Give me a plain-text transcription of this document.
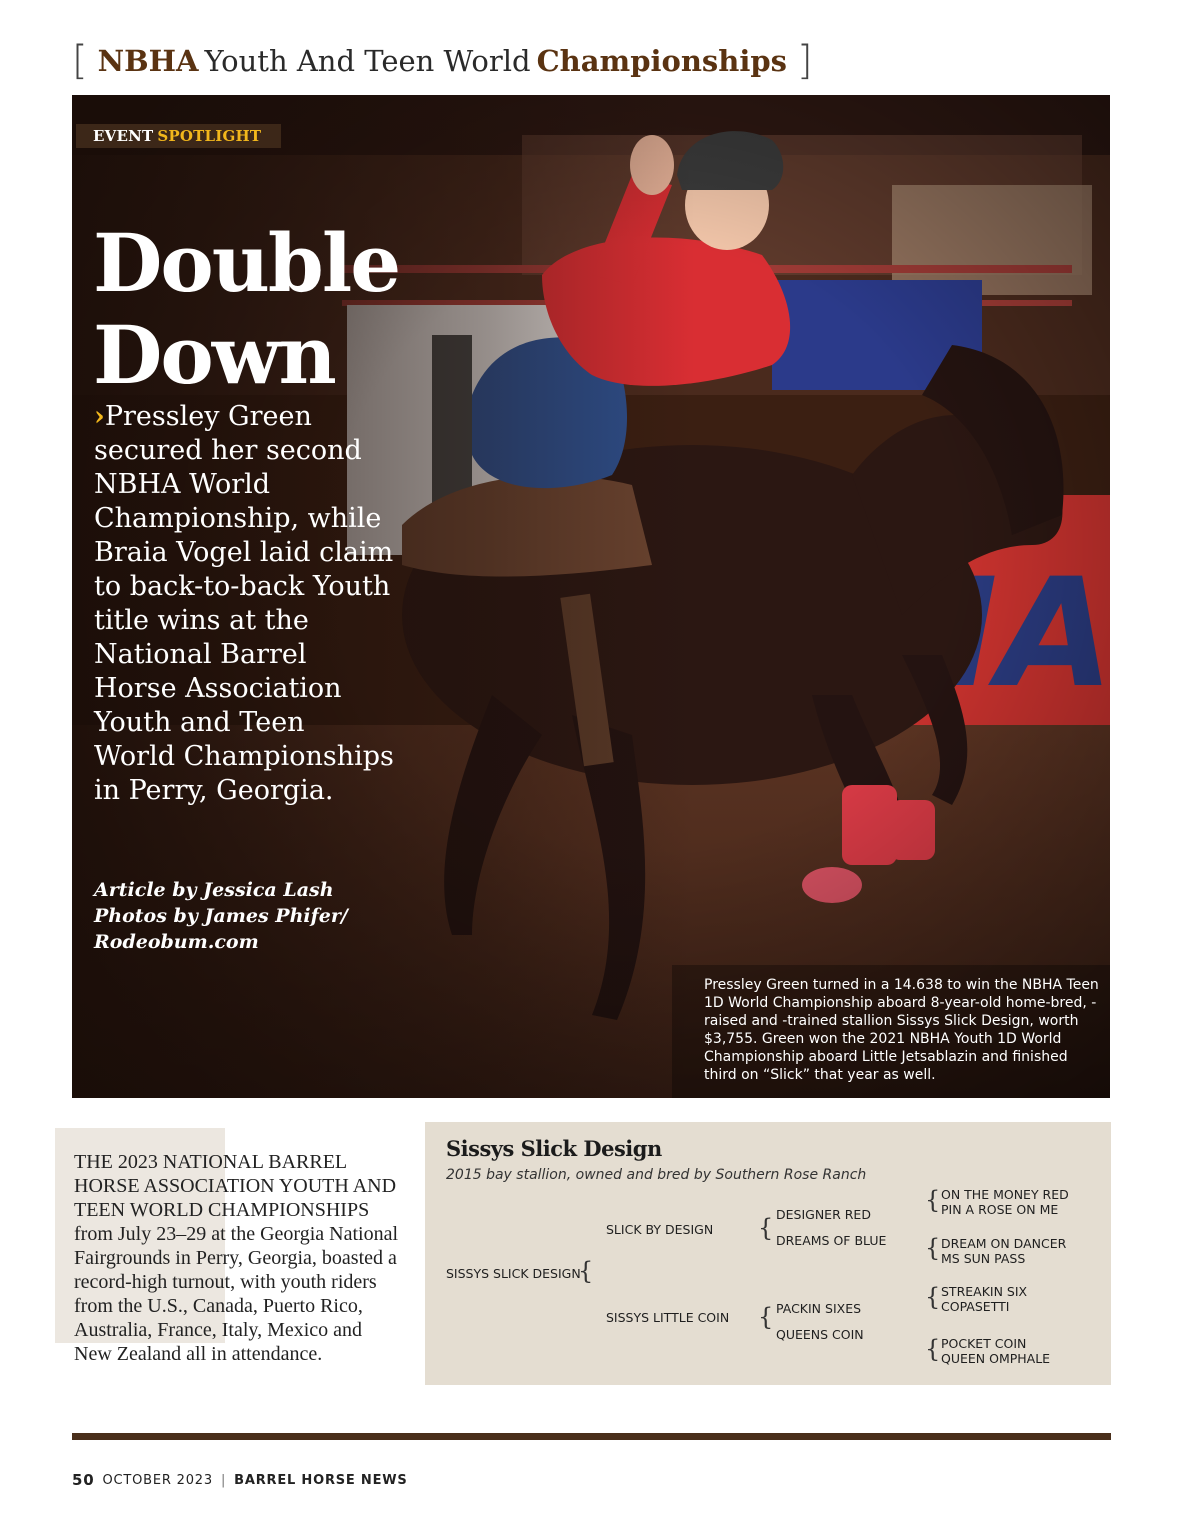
[ NBHA Youth And Teen World Championships ]
EVENT SPOTLIGHT
Double
Down
›Pressley Green secured her second NBHA World Championship, while Braia Vogel laid claim to back-to-back Youth title wins at the National Barrel Horse Association Youth and Teen World Championships in Perry, Georgia.
Article by Jessica Lash
Photos by James Phifer/
Rodeobum.com
Pressley Green turned in a 14.638 to win the NBHA Teen 1D World Championship aboard 8-year-old home-bred, -raised and -trained stallion Sissys Slick Design, worth $3,755. Green won the 2021 NBHA Youth 1D World Championship aboard Little Jetsablazin and finished third on “Slick” that year as well.

THE 2023 NATIONAL BARREL HORSE ASSOCIATION YOUTH AND TEEN WORLD CHAMPIONSHIPS from July 23–29 at the Georgia National Fairgrounds in Perry, Georgia, boasted a record-high turnout, with youth riders from the U.S., Canada, Puerto Rico, Australia, France, Italy, Mexico and New Zealand all in attendance.

Sissys Slick Design
2015 bay stallion, owned and bred by Southern Rose Ranch
SISSYS SLICK DESIGN
{
SLICK BY DESIGN
SISSYS LITTLE COIN
{ DESIGNER RED
DREAMS OF BLUE
{ PACKIN SIXES
QUEENS COIN
{ ON THE MONEY RED
PIN A ROSE ON ME
{ DREAM ON DANCER
MS SUN PASS
{ STREAKIN SIX
COPASETTI
{ POCKET COIN
QUEEN OMPHALE
50 OCTOBER 2023 | BARREL HORSE NEWS
